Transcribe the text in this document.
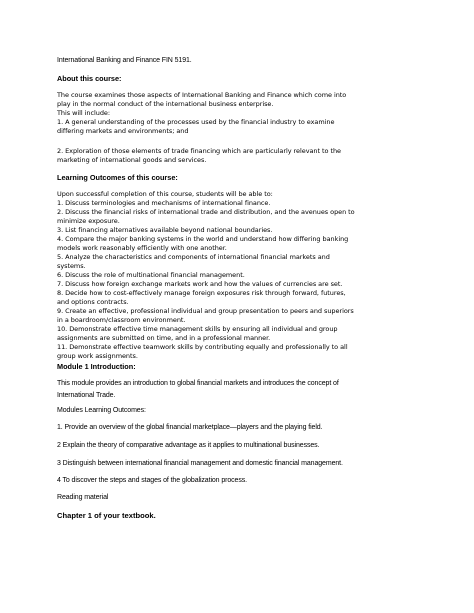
International Banking and Finance FIN 5191.
About this course:
The course examines those aspects of International Banking and Finance which come into
play in the normal conduct of the international business enterprise.
This will include:
1. A general understanding of the processes used by the financial industry to examine
differing markets and environments; and
2. Exploration of those elements of trade financing which are particularly relevant to the
marketing of international goods and services.
Learning Outcomes of this course:
Upon successful completion of this course, students will be able to:
1. Discuss terminologies and mechanisms of international finance.
2. Discuss the financial risks of international trade and distribution, and the avenues open to
minimize exposure.
3. List financing alternatives available beyond national boundaries.
4. Compare the major banking systems in the world and understand how differing banking
models work reasonably efficiently with one another.
5. Analyze the characteristics and components of international financial markets and
systems.
6. Discuss the role of multinational financial management.
7. Discuss how foreign exchange markets work and how the values of currencies are set.
8. Decide how to cost-effectively manage foreign exposures risk through forward, futures,
and options contracts.
9. Create an effective, professional individual and group presentation to peers and superiors
in a boardroom/classroom environment.
10. Demonstrate effective time management skills by ensuring all individual and group
assignments are submitted on time, and in a professional manner.
11. Demonstrate effective teamwork skills by contributing equally and professionally to all
group work assignments.
Module 1 Introduction:
This module provides an introduction to global financial markets and introduces the concept of
International Trade.
Modules Learning Outcomes:
1. Provide an overview of the global financial marketplace—players and the playing field.
2 Explain the theory of comparative advantage as it applies to multinational businesses.
3 Distinguish between international financial management and domestic financial management.
4 To discover the steps and stages of the globalization process.
Reading material
Chapter 1 of your textbook.
